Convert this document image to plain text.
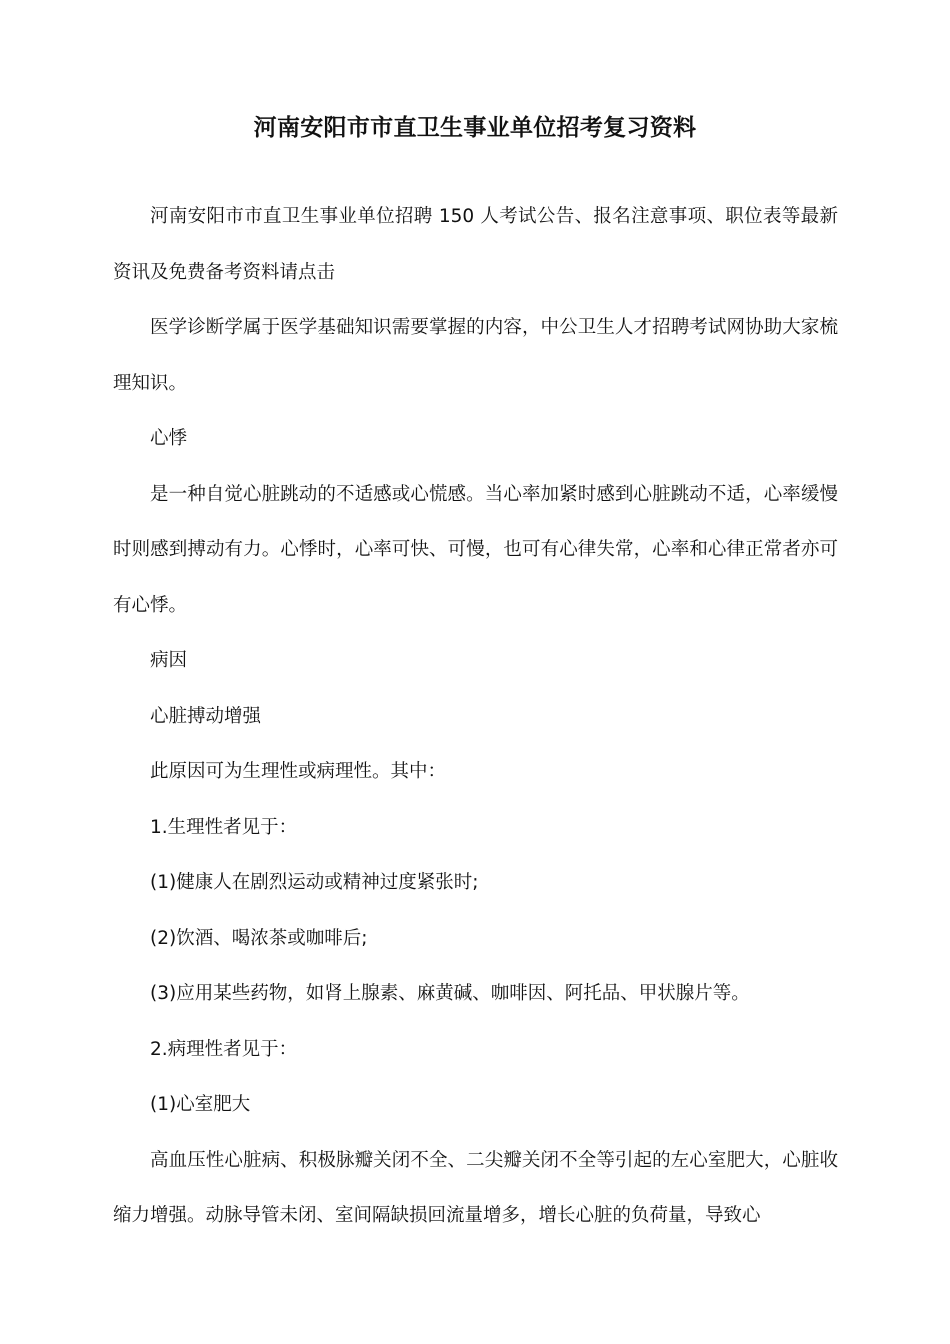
河南安阳市市直卫生事业单位招考复习资料

河南安阳市市直卫生事业单位招聘 150 人考试公告、报名注意事项、职位表等最新资讯及免费备考资料请点击

医学诊断学属于医学基础知识需要掌握的内容，中公卫生人才招聘考试网协助大家梳理知识。

心悸

是一种自觉心脏跳动的不适感或心慌感。当心率加紧时感到心脏跳动不适，心率缓慢时则感到搏动有力。心悸时，心率可快、可慢，也可有心律失常，心率和心律正常者亦可有心悸。

病因

心脏搏动增强

此原因可为生理性或病理性。其中：

1.生理性者见于：

(1)健康人在剧烈运动或精神过度紧张时;

(2)饮酒、喝浓茶或咖啡后;

(3)应用某些药物，如肾上腺素、麻黄碱、咖啡因、阿托品、甲状腺片等。

2.病理性者见于：

(1)心室肥大

高血压性心脏病、积极脉瓣关闭不全、二尖瓣关闭不全等引起的左心室肥大，心脏收缩力增强。动脉导管未闭、室间隔缺损回流量增多，增长心脏的负荷量，导致心
